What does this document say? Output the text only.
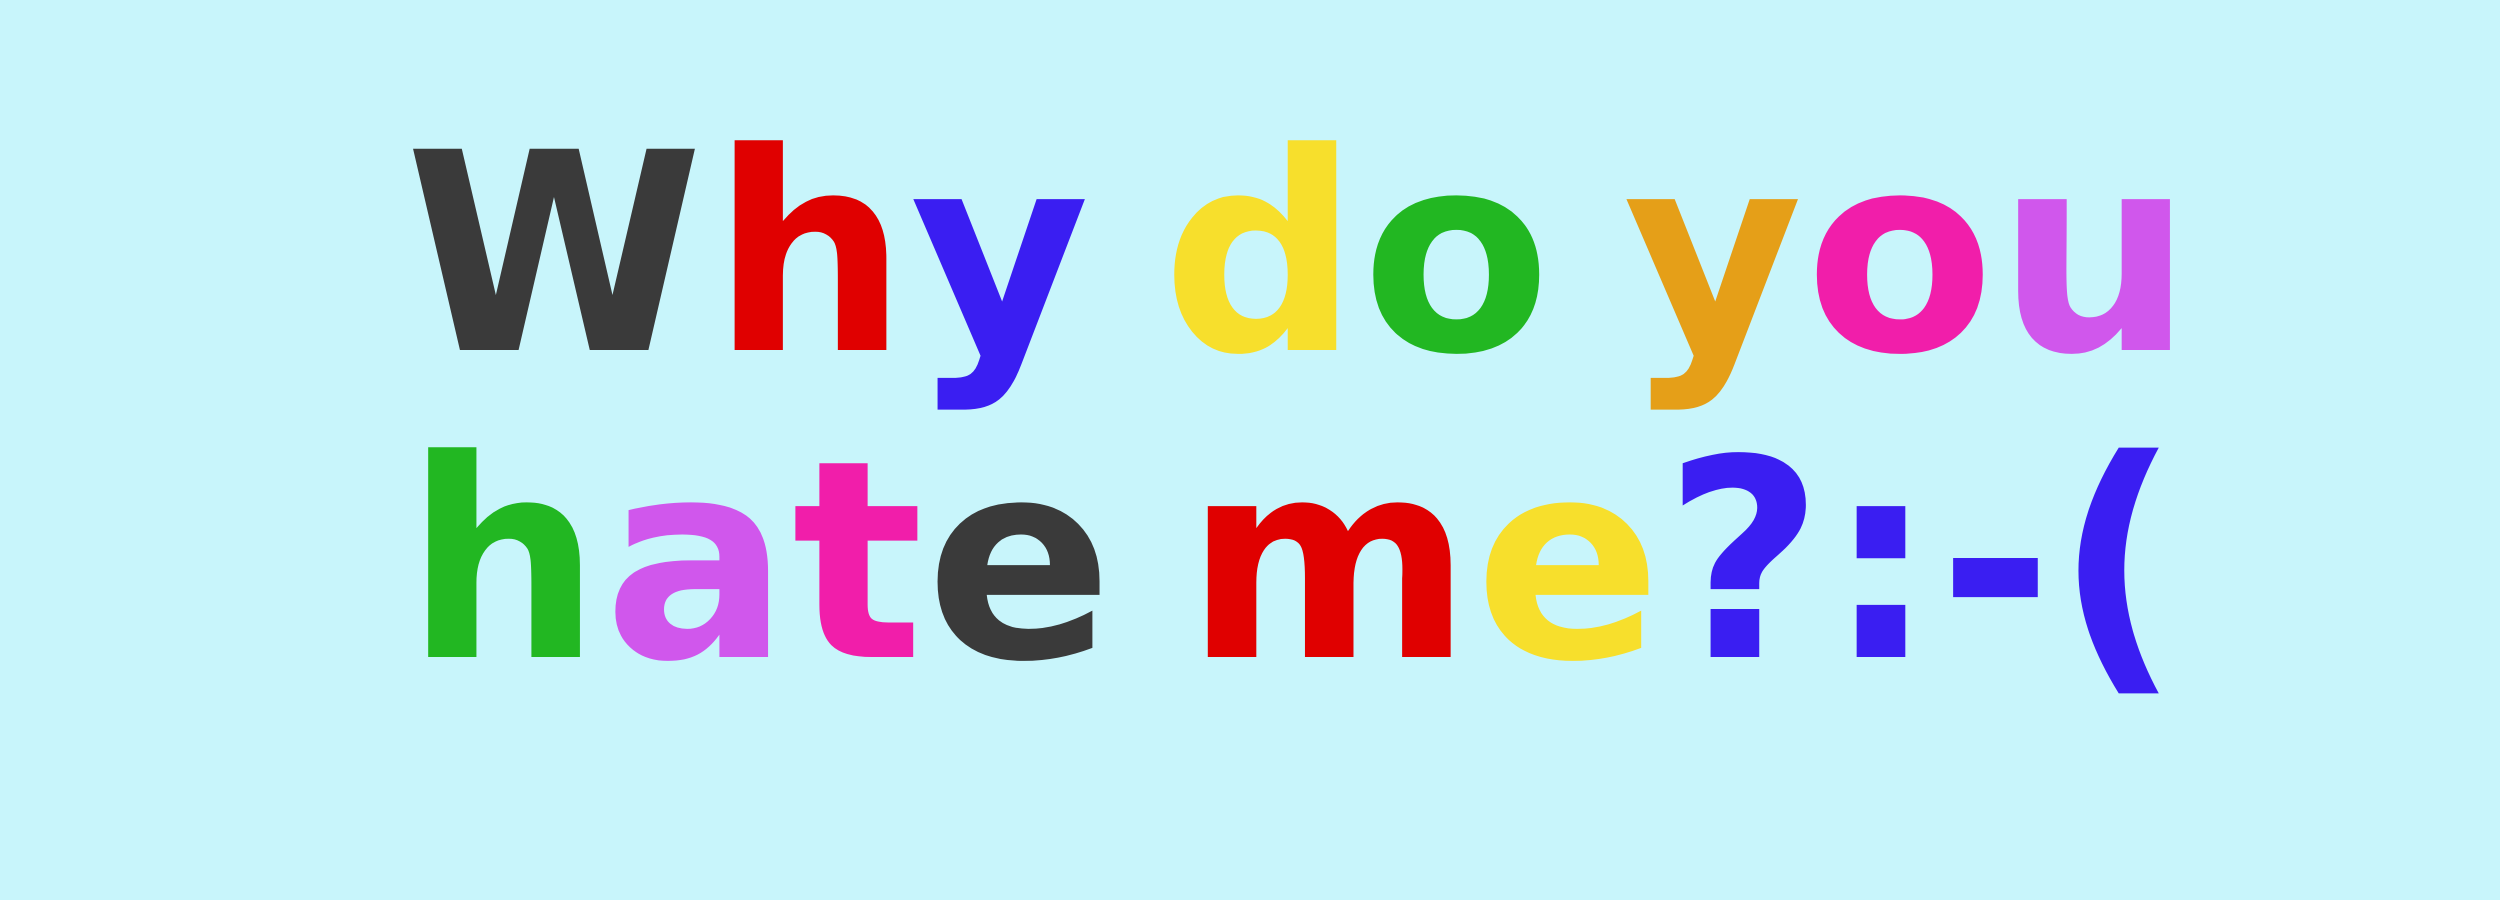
Why do you
hate me?:-(
